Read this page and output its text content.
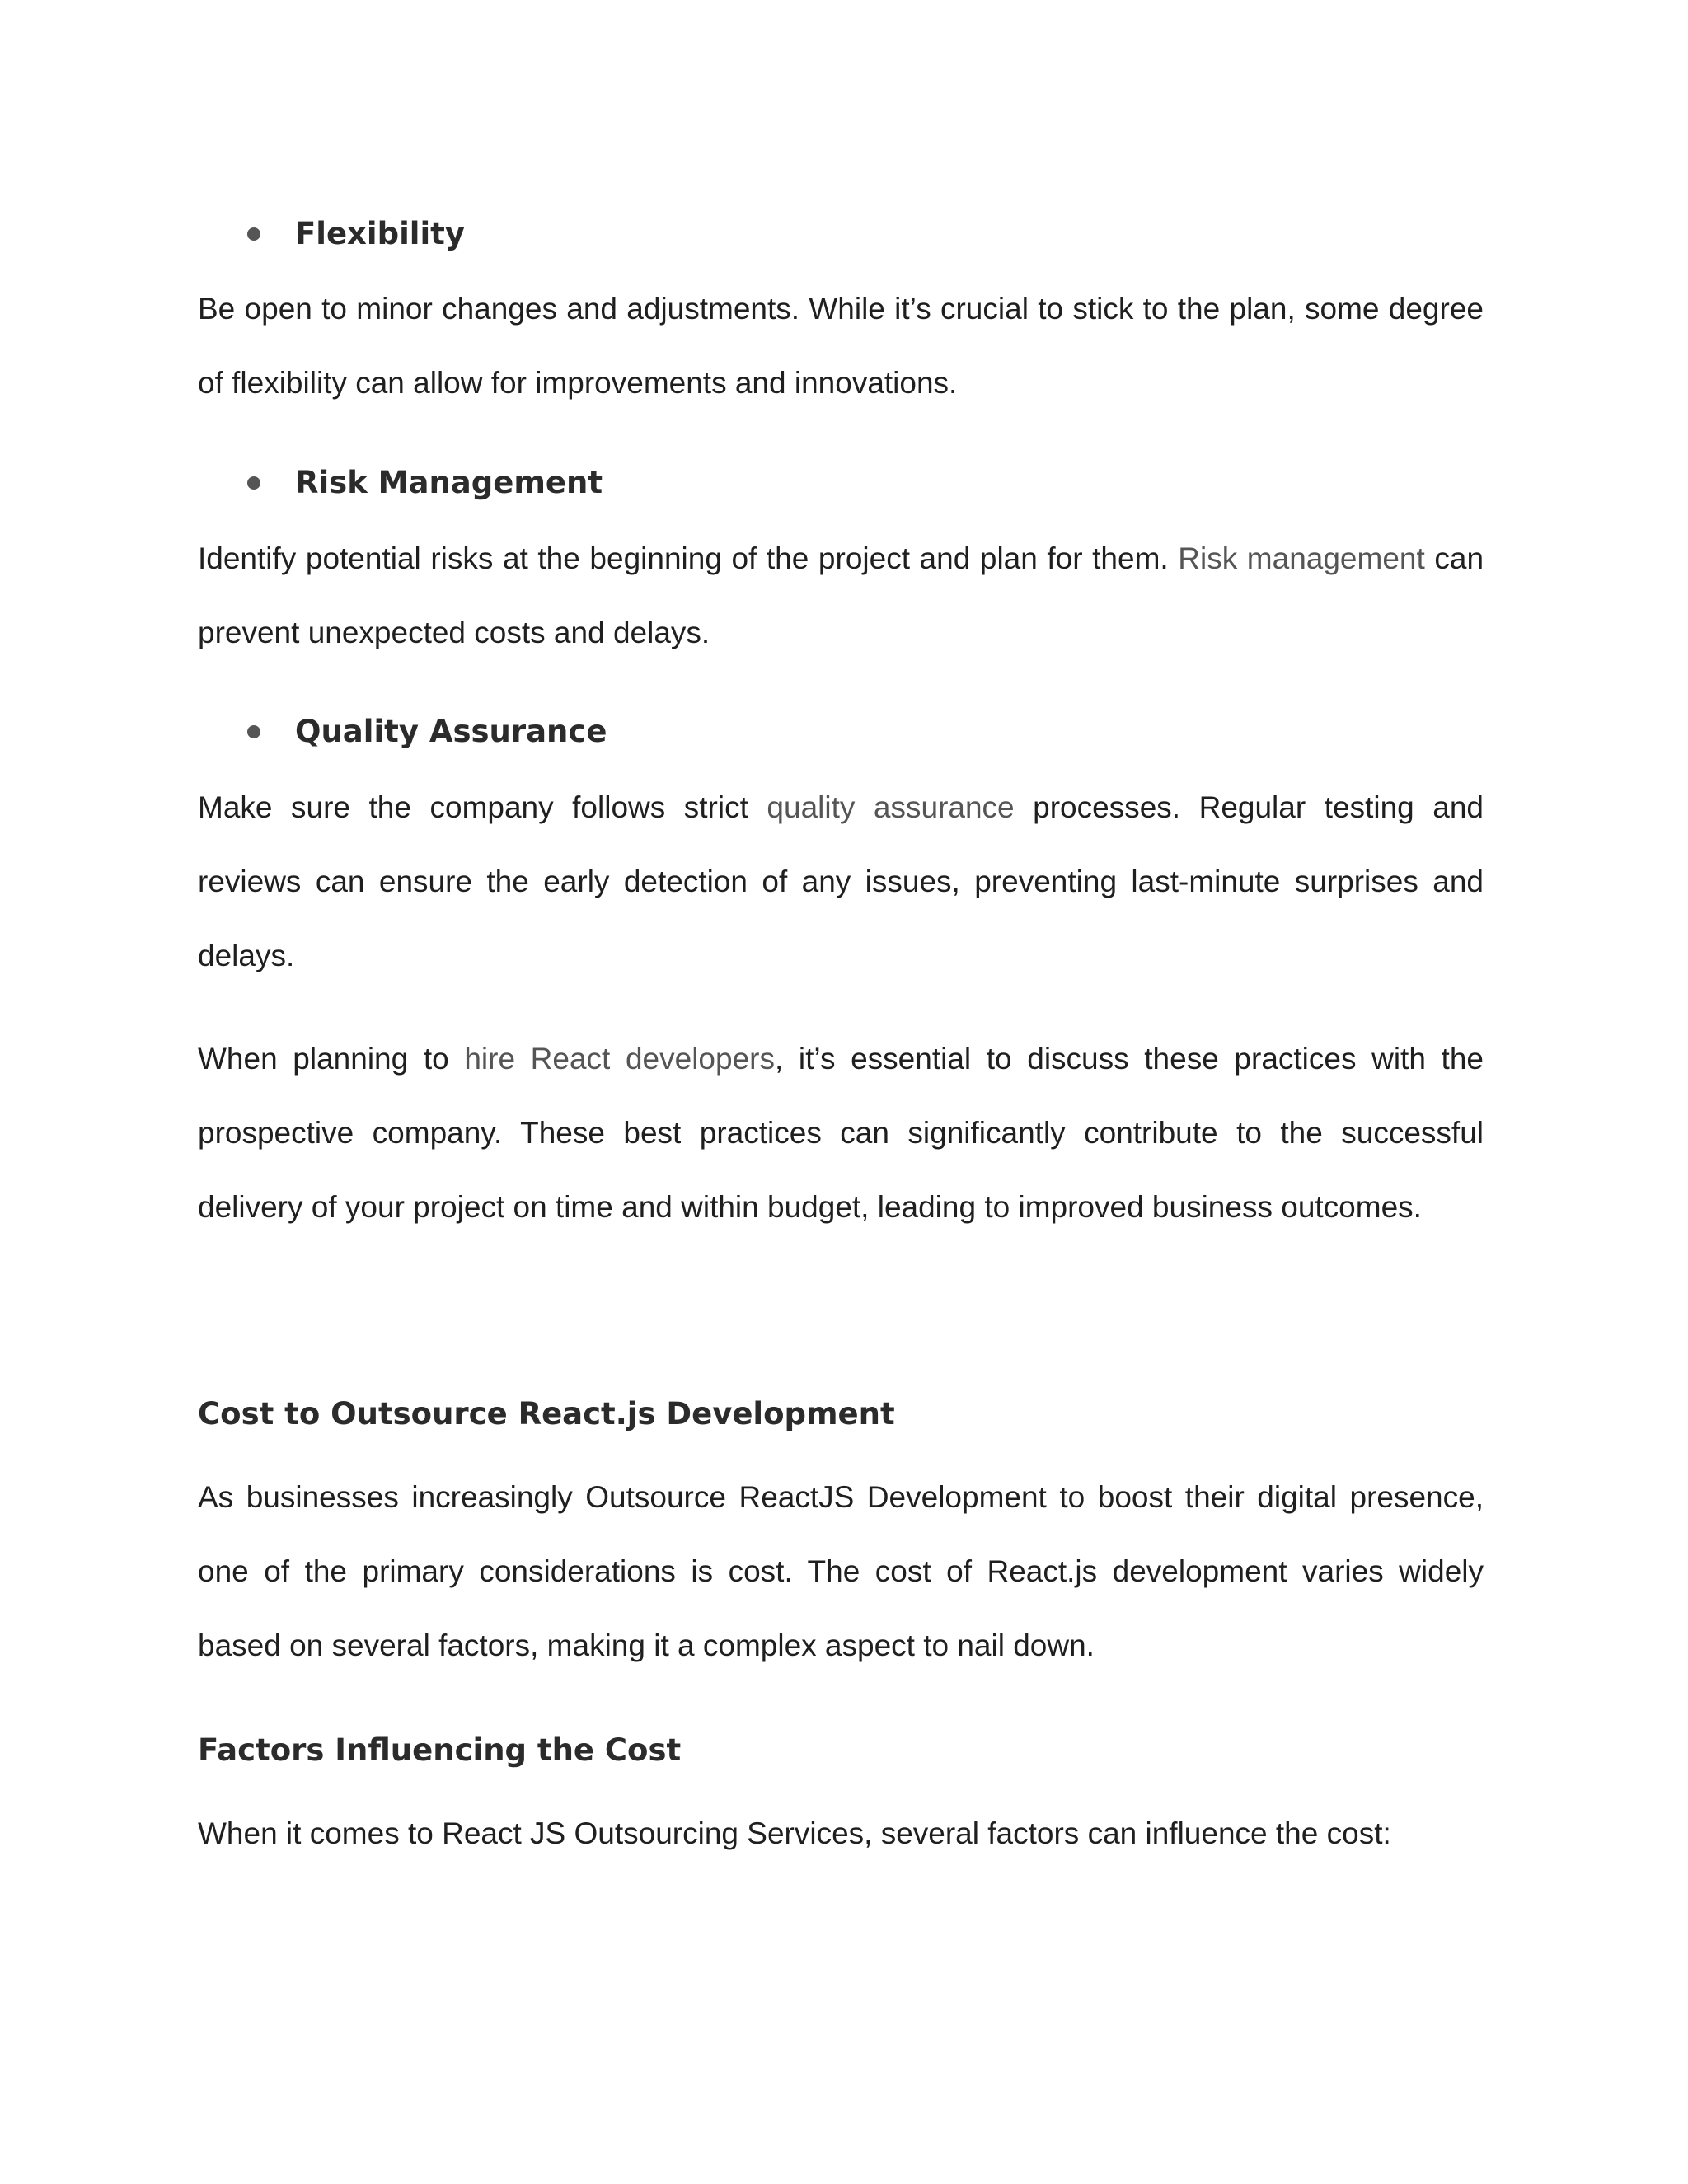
Flexibility
Be open to minor changes and adjustments. While it’s crucial to stick to the plan, some degree of flexibility can allow for improvements and innovations.
Risk Management
Identify potential risks at the beginning of the project and plan for them. Risk management can prevent unexpected costs and delays.
Quality Assurance
Make sure the company follows strict quality assurance processes. Regular testing and reviews can ensure the early detection of any issues, preventing last-minute surprises and delays.
When planning to hire React developers, it’s essential to discuss these practices with the prospective company. These best practices can significantly contribute to the successful delivery of your project on time and within budget, leading to improved business outcomes.
Cost to Outsource React.js Development
As businesses increasingly Outsource ReactJS Development to boost their digital presence, one of the primary considerations is cost. The cost of React.js development varies widely based on several factors, making it a complex aspect to nail down.
Factors Influencing the Cost
When it comes to React JS Outsourcing Services, several factors can influence the cost:
